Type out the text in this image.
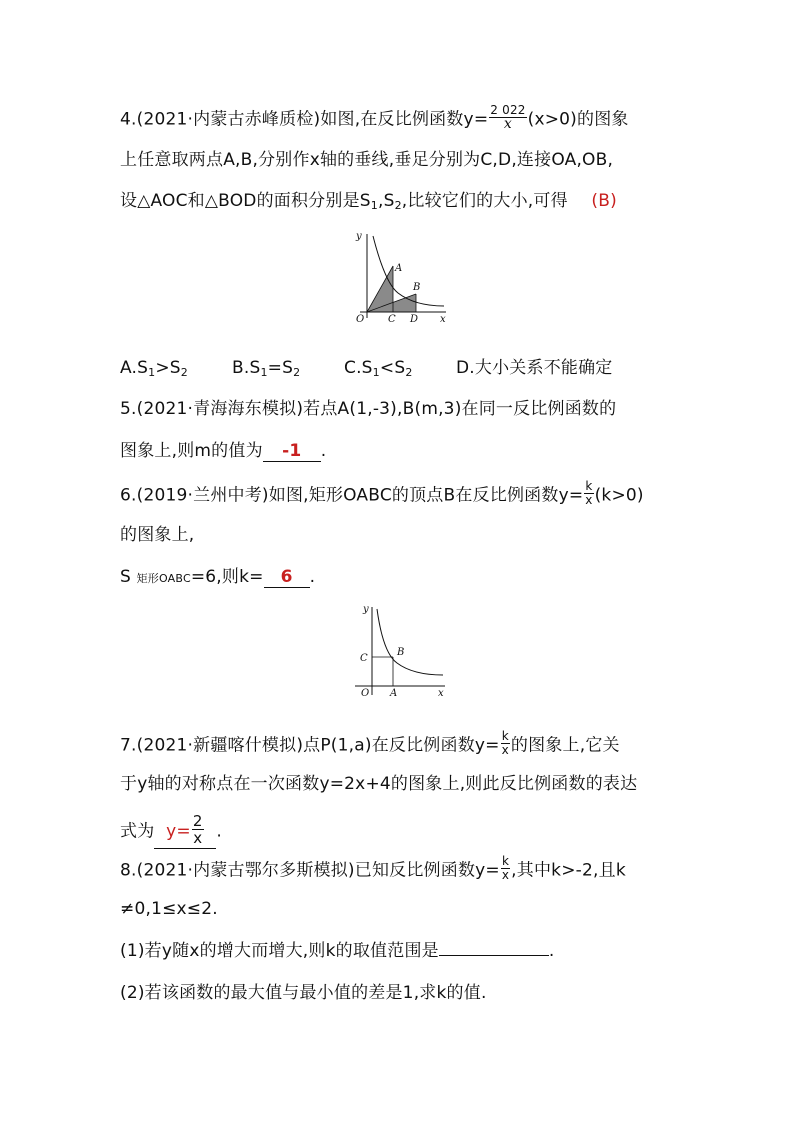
4.(2021·内蒙古赤峰质检)如图,在反比例函数$y= \frac{2 022}{x} (x>0)$的图象
上任意取两点A,B,分别作x轴的垂线,垂足分别为C,D,连接OA,OB,
设△AOC和△BOD的面积分别是$S_1,S_2$,比较它们的大小,可得 (B)
y
x
O
A
B
C D
$A.S_1>S_2$	$B.S_1=S_2$	$C.S_1<S_2$	D.大小关系不能确定
5.(2021·青海海东模拟)若点A(1,-3),B(m,3)在同一反比例函数的
图象上,则m的值为 -1 .
6.(2019·兰州中考)如图,矩形OABC的顶点B在反比例函数$y= \frac{k}{x} (k>0)$
的图象上,
S 矩形OABC=6,则k= 6 .
y
x
O A
B
C
7.(2021·新疆喀什模拟)点P(1,a)在反比例函数$y= \frac{k}{x}$ 的图象上,它关
于y轴的对称点在一次函数y=2x+4的图象上,则此反比例函数的表达
式为 $y= \frac{2}{x}$ .
8.(2021·内蒙古鄂尔多斯模拟)已知反比例函数$y= \frac{k}{x}$ ,其中k>-2,且k
≠0,1≤x≤2.
(1)若y随x的增大而增大,则k的取值范围是	.
(2)若该函数的最大值与最小值的差是1,求k的值.
